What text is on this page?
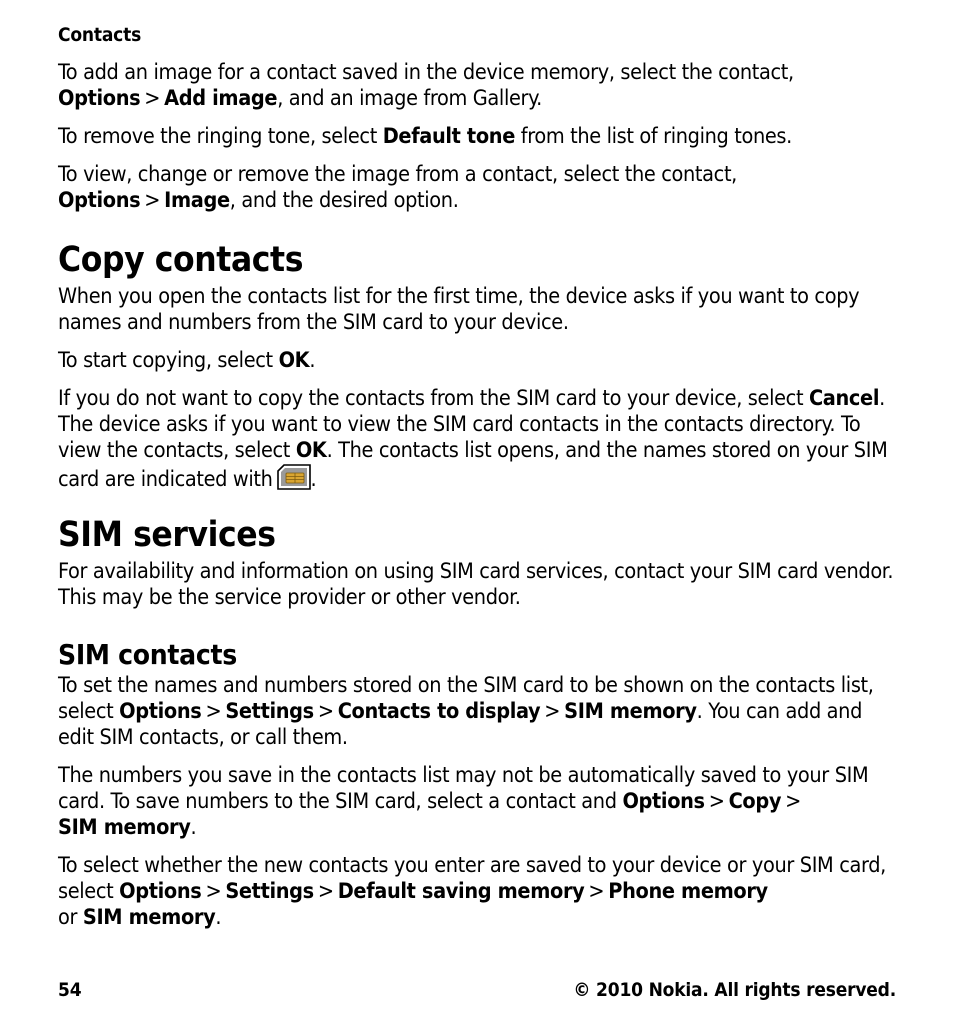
Contacts

To add an image for a contact saved in the device memory, select the contact,
Options > Add image, and an image from Gallery.

To remove the ringing tone, select Default tone from the list of ringing tones.

To view, change or remove the image from a contact, select the contact, Options > Image, and the desired option.

Copy contacts

When you open the contacts list for the first time, the device asks if you want to copy names and numbers from the SIM card to your device.

To start copying, select OK.

If you do not want to copy the contacts from the SIM card to your device, select Cancel. The device asks if you want to view the SIM card contacts in the contacts directory. To view the contacts, select OK. The contacts list opens, and the names stored on your SIM card are indicated with .

SIM services

For availability and information on using SIM card services, contact your SIM card vendor. This may be the service provider or other vendor.

SIM contacts

To set the names and numbers stored on the SIM card to be shown on the contacts list, select Options > Settings > Contacts to display > SIM memory. You can add and edit SIM contacts, or call them.

The numbers you save in the contacts list may not be automatically saved to your SIM card. To save numbers to the SIM card, select a contact and Options > Copy >
SIM memory.

To select whether the new contacts you enter are saved to your device or your SIM card, select Options > Settings > Default saving memory > Phone memory
or SIM memory.

54	© 2010 Nokia. All rights reserved.
